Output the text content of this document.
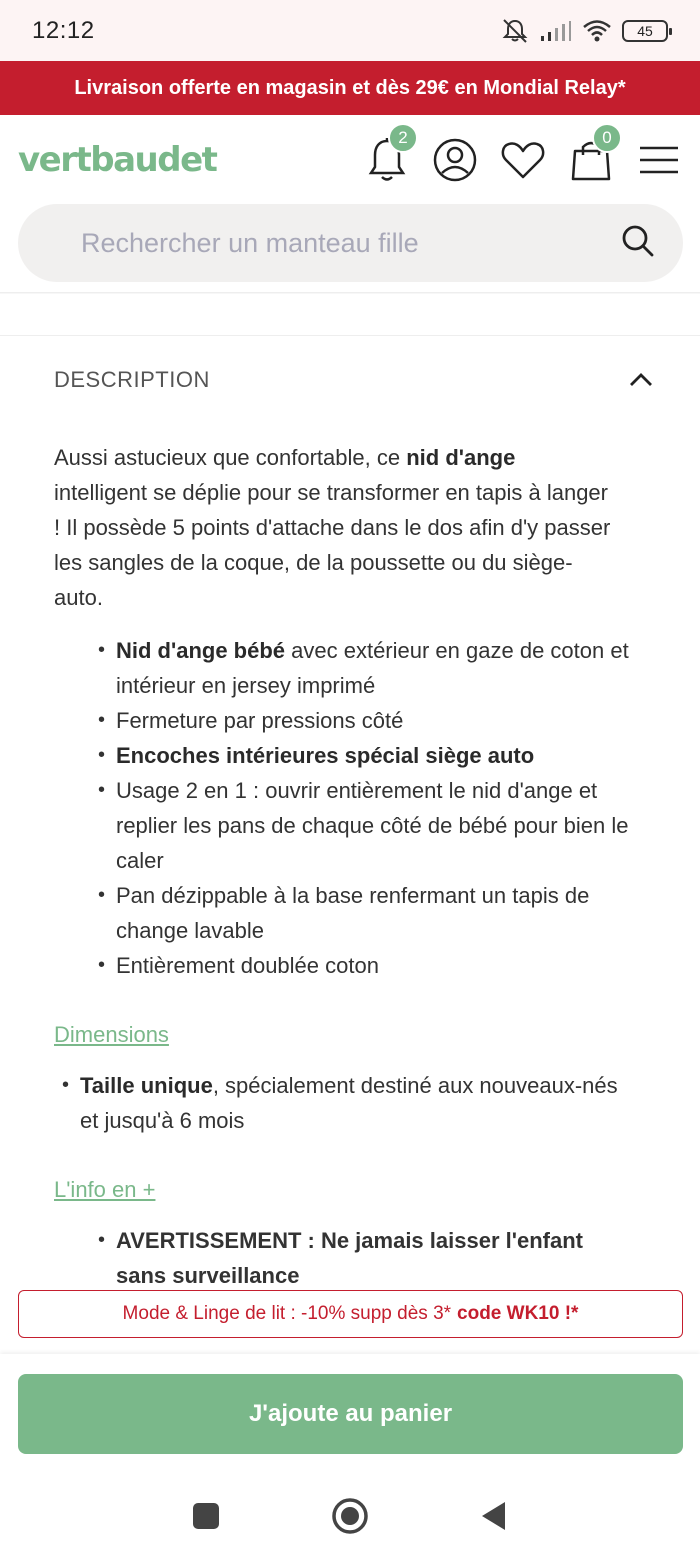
12:12	45
Livraison offerte en magasin et dès 29€ en Mondial Relay*
vertbaudet
2	0
Rechercher un manteau fille
DESCRIPTION

Aussi astucieux que confortable, ce nid d'ange intelligent se déplie pour se transformer en tapis à langer ! Il possède 5 points d'attache dans le dos afin d'y passer les sangles de la coque, de la poussette ou du siège-auto.

• Nid d'ange bébé avec extérieur en gaze de coton et intérieur en jersey imprimé
• Fermeture par pressions côté
• Encoches intérieures spécial siège auto
• Usage 2 en 1 : ouvrir entièrement le nid d'ange et replier les pans de chaque côté de bébé pour bien le caler
• Pan dézippable à la base renfermant un tapis de change lavable
• Entièrement doublée coton
Dimensions
• Taille unique, spécialement destiné aux nouveaux-nés et jusqu'à 6 mois
L'info en +
• AVERTISSEMENT : Ne jamais laisser l'enfant sans surveillance
Mode & Linge de lit : -10% supp dès 3* code WK10 !*
J'ajoute au panier
